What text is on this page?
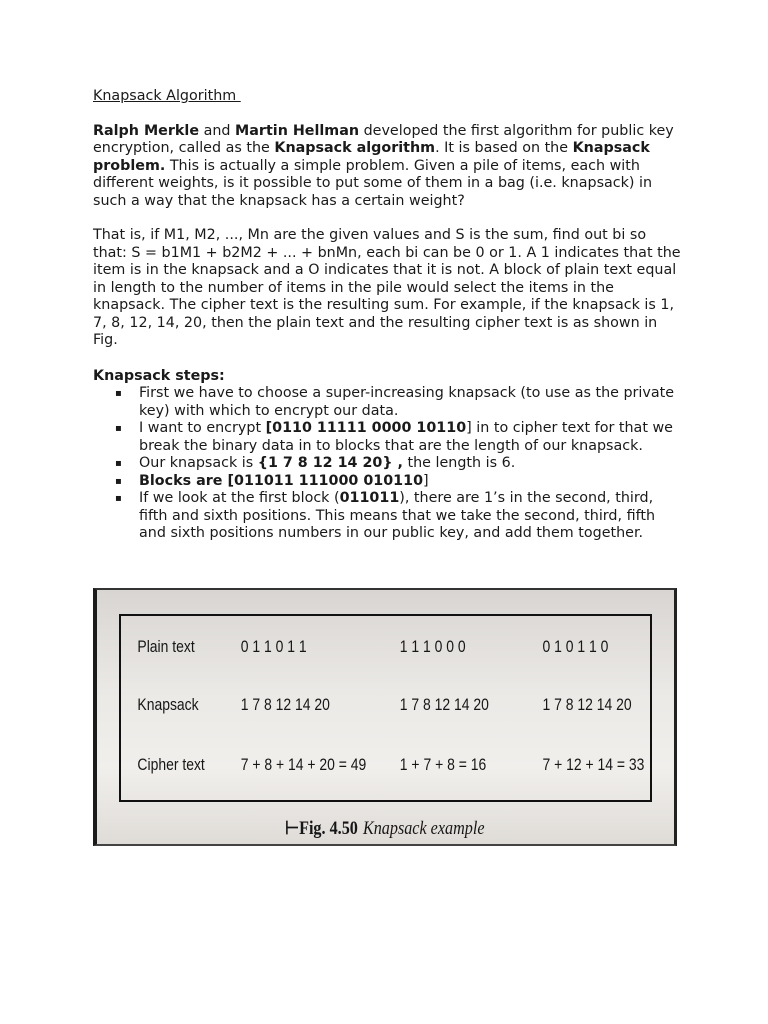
Knapsack Algorithm

Ralph Merkle and Martin Hellman developed the first algorithm for public key encryption, called as the Knapsack algorithm. It is based on the Knapsack problem. This is actually a simple problem. Given a pile of items, each with different weights, is it possible to put some of them in a bag (i.e. knapsack) in such a way that the knapsack has a certain weight?

That is, if M1, M2, ..., Mn are the given values and S is the sum, find out bi so that: S = b1M1 + b2M2 + ... + bnMn, each bi can be 0 or 1. A 1 indicates that the item is in the knapsack and a O indicates that it is not. A block of plain text equal in length to the number of items in the pile would select the items in the knapsack. The cipher text is the resulting sum. For example, if the knapsack is 1, 7, 8, 12, 14, 20, then the plain text and the resulting cipher text is as shown in Fig.

Knapsack steps:
▪ First we have to choose a super-increasing knapsack (to use as the private key) with which to encrypt our data.
▪ I want to encrypt [0110 11111 0000 10110] in to cipher text for that we break the binary data in to blocks that are the length of our knapsack.
▪ Our knapsack is {1 7 8 12 14 20} , the length is 6.
▪ Blocks are [011011 111000 010110]
▪ If we look at the first block (011011), there are 1’s in the second, third, fifth and sixth positions. This means that we take the second, third, fifth and sixth positions numbers in our public key, and add them together.
Plain text	0 1 1 0 1 1	1 1 1 0 0 0	0 1 0 1 1 0
Knapsack 1 7 8 12 14 20	1 7 8 12 14 20	1 7 8 12 14 20
Cipher text 7 + 8 + 14 + 20 = 49 1 + 7 + 8 = 16	7 + 12 + 14 = 33
⊢Fig. 4.50 Knapsack example
